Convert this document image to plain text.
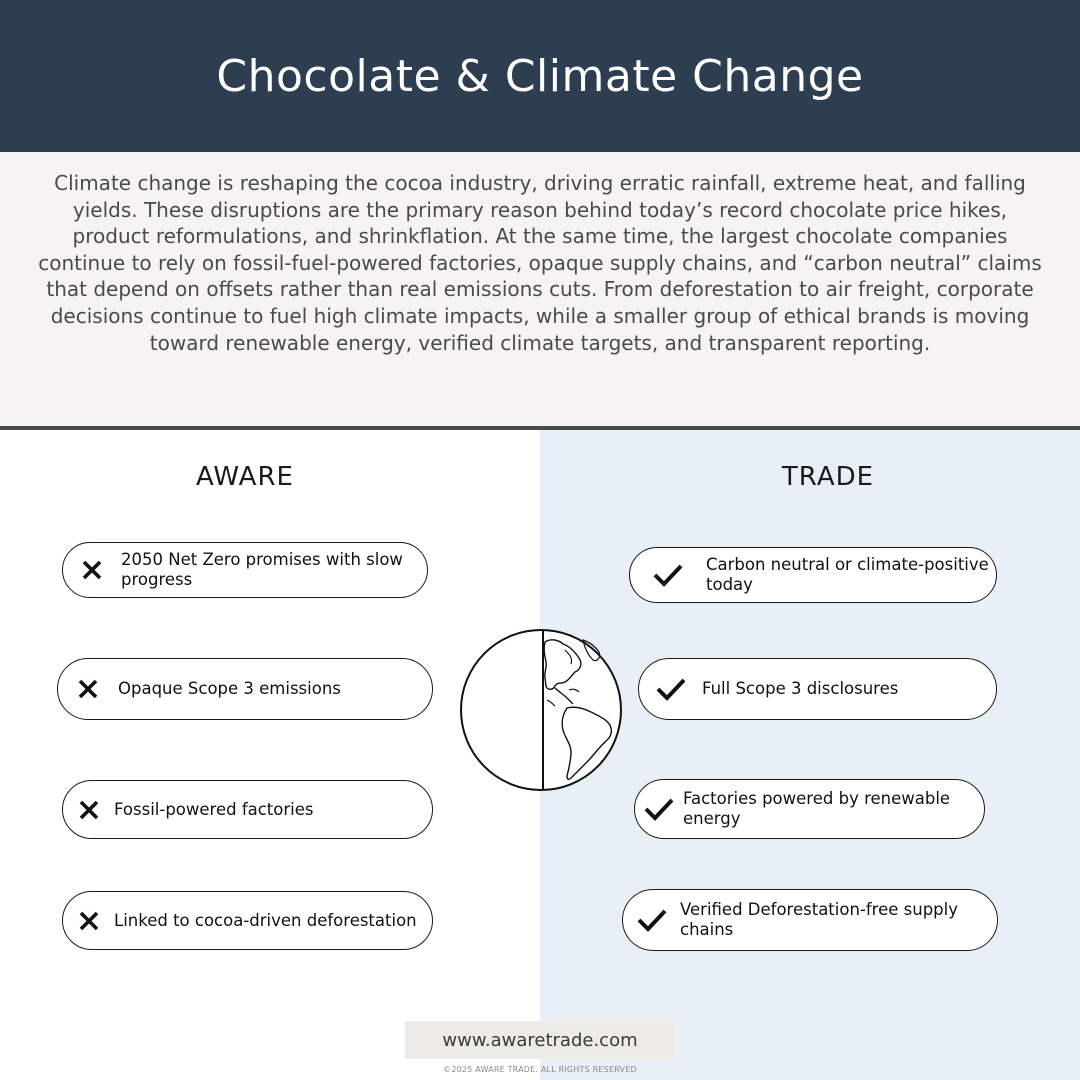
Chocolate & Climate Change
Climate change is reshaping the cocoa industry, driving erratic rainfall, extreme heat, and falling yields. These disruptions are the primary reason behind today’s record chocolate price hikes, product reformulations, and shrinkflation. At the same time, the largest chocolate companies continue to rely on fossil-fuel-powered factories, opaque supply chains, and “carbon neutral” claims that depend on offsets rather than real emissions cuts. From deforestation to air freight, corporate decisions continue to fuel high climate impacts, while a smaller group of ethical brands is moving toward renewable energy, verified climate targets, and transparent reporting.
AWARE	TRADE
2050 Net Zero promises with slow progress
Opaque Scope 3 emissions
Fossil-powered factories
Linked to cocoa-driven deforestation
Carbon neutral or climate-positive today
Full Scope 3 disclosures
Factories powered by renewable energy
Verified Deforestation-free supply chains
www.awaretrade.com
©2025 AWARE TRADE. ALL RIGHTS RESERVED
